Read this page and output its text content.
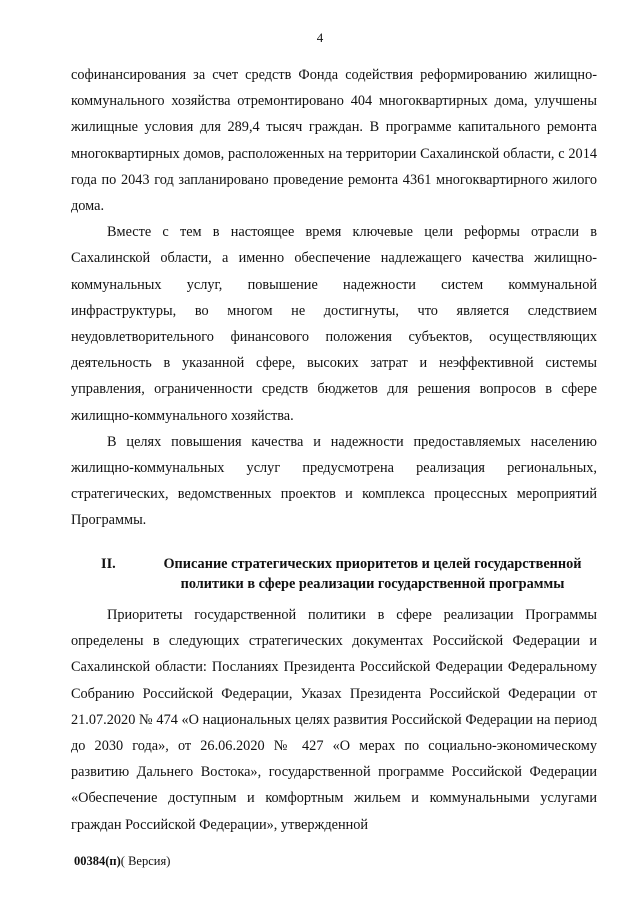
4

софинансирования за счет средств Фонда содействия реформированию жилищно-коммунального хозяйства отремонтировано 404 многоквартирных дома, улучшены жилищные условия для 289,4 тысяч граждан. В программе капитального ремонта многоквартирных домов, расположенных на территории Сахалинской области, с 2014 года по 2043 год запланировано проведение ремонта 4361 многоквартирного жилого дома.

Вместе с тем в настоящее время ключевые цели реформы отрасли в Сахалинской области, а именно обеспечение надлежащего качества жилищно-коммунальных услуг, повышение надежности систем коммунальной инфраструктуры, во многом не достигнуты, что является следствием неудовлетворительного финансового положения субъектов, осуществляющих деятельность в указанной сфере, высоких затрат и неэффективной системы управления, ограниченности средств бюджетов для решения вопросов в сфере жилищно-коммунального хозяйства.

В целях повышения качества и надежности предоставляемых населению жилищно-коммунальных услуг предусмотрена реализация региональных, стратегических, ведомственных проектов и комплекса процессных мероприятий Программы.

II.	Описание стратегических приоритетов и целей государственной политики в сфере реализации государственной программы

Приоритеты государственной политики в сфере реализации Программы определены в следующих стратегических документах Российской Федерации и Сахалинской области: Посланиях Президента Российской Федерации Федеральному Собранию Российской Федерации, Указах Президента Российской Федерации от 21.07.2020 № 474 «О национальных целях развития Российской Федерации на период до 2030 года», от 26.06.2020 № 427 «О мерах по социально-экономическому развитию Дальнего Востока», государственной программе Российской Федерации «Обеспечение доступным и комфортным жильем и коммунальными услугами граждан Российской Федерации», утвержденной

00384(п)( Версия)
